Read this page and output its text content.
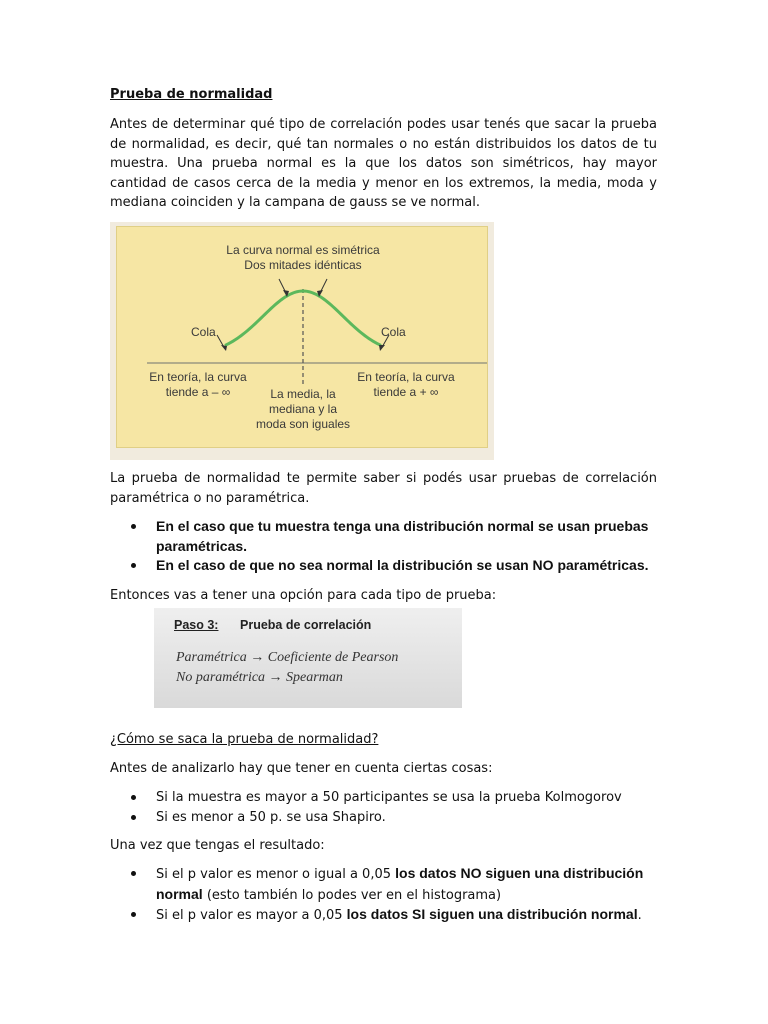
Prueba de normalidad
Antes de determinar qué tipo de correlación podes usar tenés que sacar la prueba de normalidad, es decir, qué tan normales o no están distribuidos los datos de tu muestra. Una prueba normal es la que los datos son simétricos, hay mayor cantidad de casos cerca de la media y menor en los extremos, la media, moda y mediana coinciden y la campana de gauss se ve normal.
La curva normal es simétrica
Dos mitades idénticas
Cola	Cola
En teoría, la curva
tiende a – ∞
En teoría, la curva
tiende a + ∞
La media, la
mediana y la
moda son iguales
La prueba de normalidad te permite saber si podés usar pruebas de correlación paramétrica o no paramétrica.
En el caso que tu muestra tenga una distribución normal se usan pruebas paramétricas.
En el caso de que no sea normal la distribución se usan NO paramétricas.
Entonces vas a tener una opción para cada tipo de prueba:
Paso 3: Prueba de correlación
Paramétrica → Coeficiente de Pearson
No paramétrica → Spearman
¿Cómo se saca la prueba de normalidad?
Antes de analizarlo hay que tener en cuenta ciertas cosas:
Si la muestra es mayor a 50 participantes se usa la prueba Kolmogorov
Si es menor a 50 p. se usa Shapiro.
Una vez que tengas el resultado:
Si el p valor es menor o igual a 0,05 los datos NO siguen una distribución normal (esto también lo podes ver en el histograma)
Si el p valor es mayor a 0,05 los datos SI siguen una distribución normal.
